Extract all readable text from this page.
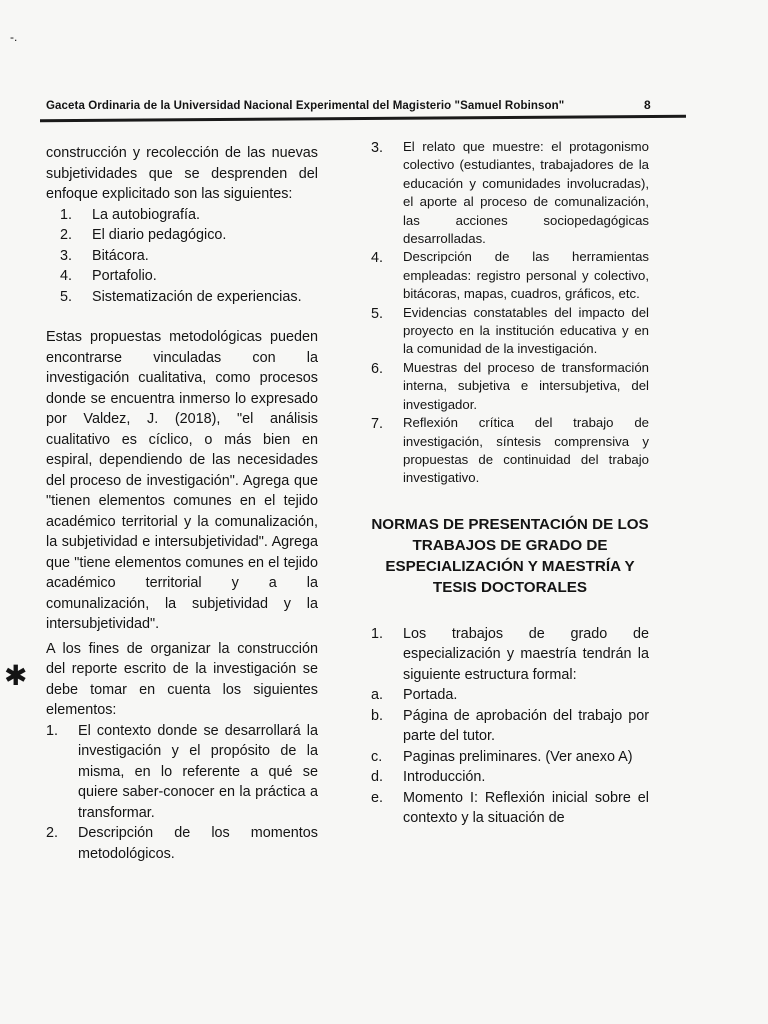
-.
Gaceta Ordinaria de la Universidad Nacional Experimental del Magisterio "Samuel Robinson"	8
✱

construcción y recolección de las nuevas subjetividades que se desprenden del enfoque explicitado son las siguientes:

1.	La autobiografía.
2.	El diario pedagógico.
3.	Bitácora.
4.	Portafolio.
5.	Sistematización de experiencias.

Estas propuestas metodológicas pueden encontrarse vinculadas con la investigación cualitativa, como procesos donde se encuentra inmerso lo expresado por Valdez, J. (2018), "el análisis cualitativo es cíclico, o más bien en espiral, dependiendo de las necesidades del proceso de investigación". Agrega que "tienen elementos comunes en el tejido académico territorial y la comunalización, la subjetividad e intersubjetividad". Agrega que "tiene elementos comunes en el tejido académico territorial y a la comunalización, la subjetividad y la intersubjetividad".

A los fines de organizar la construcción del reporte escrito de la investigación se debe tomar en cuenta los siguientes elementos:

1.	El contexto donde se desarrollará la investigación y el propósito de la misma, en lo referente a qué se quiere saber-conocer en la práctica a transformar.
2.	Descripción de los momentos metodológicos.
3.	El relato que muestre: el protagonismo colectivo (estudiantes, trabajadores de la educación y comunidades involucradas), el aporte al proceso de comunalización, las acciones sociopedagógicas desarrolladas.
4.	Descripción de las herramientas empleadas: registro personal y colectivo, bitácoras, mapas, cuadros, gráficos, etc.
5.	Evidencias constatables del impacto del proyecto en la institución educativa y en la comunidad de la investigación.
6.	Muestras del proceso de transformación interna, subjetiva e intersubjetiva, del investigador.
7.	Reflexión crítica del trabajo de investigación, síntesis comprensiva y propuestas de continuidad del trabajo investigativo.
NORMAS DE PRESENTACIÓN DE LOS TRABAJOS DE GRADO DE ESPECIALIZACIÓN Y MAESTRÍA Y TESIS DOCTORALES
1.	Los trabajos de grado de especialización y maestría tendrán la siguiente estructura formal:
a.	Portada.
b.	Página de aprobación del trabajo por parte del tutor.
c.	Paginas preliminares. (Ver anexo A)
d.	Introducción.
e.	Momento I: Reflexión inicial sobre el contexto y la situación de
